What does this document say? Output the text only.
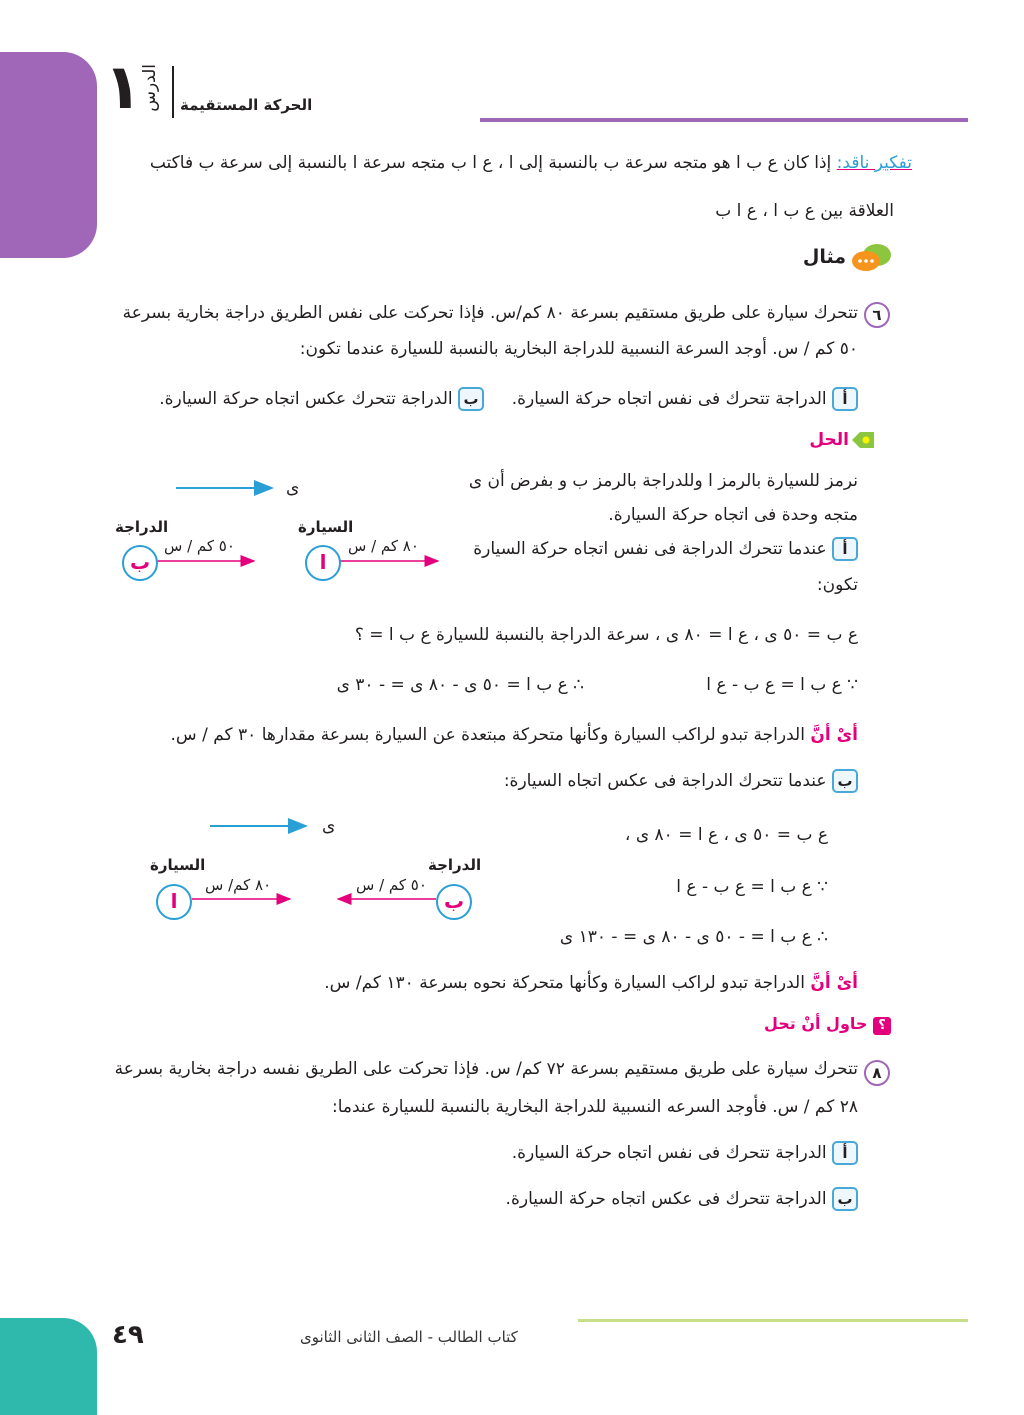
١
الدرس الحركة المستقيمة
تفكير ناقد: إذا كان ع ب ا هو متجه سرعة ب بالنسبة إلى ا ، ع ا ب متجه سرعة ا بالنسبة إلى سرعة ب فاكتب
العلاقة بين ع ب ا ، ع ا ب
مثال
٦
تتحرك سيارة على طريق مستقيم بسرعة ٨٠ كم/س. فإذا تحركت على نفس الطريق دراجة بخارية بسرعة
٥٠ كم / س. أوجد السرعة النسبية للدراجة البخارية بالنسبة للسيارة عندما تكون:
أ الدراجة تتحرك فى نفس اتجاه حركة السيارة.
ب الدراجة تتحرك عكس اتجاه حركة السيارة.
الحل
نرمز للسيارة بالرمز ا وللدراجة بالرمز ب و بفرض أن ى
متجه وحدة فى اتجاه حركة السيارة.
أ عندما تتحرك الدراجة فى نفس اتجاه حركة السيارة
تكون:
ى
ب	ا
الدراجة	السيارة
٥٠ كم / س	٨٠ كم / س
ع ب = ٥٠ ى ، ع ا = ٨٠ ى ، سرعة الدراجة بالنسبة للسيارة ع ب ا = ؟
∵ ع ب ا = ع ب - ع ا
∴ ع ب ا = ٥٠ ى - ٨٠ ى = - ٣٠ ى
أىْ أنَّ الدراجة تبدو لراكب السيارة وكأنها متحركة مبتعدة عن السيارة بسرعة مقدارها ٣٠ كم / س.
ب عندما تتحرك الدراجة فى عكس اتجاه السيارة:
ى
ا	ب
السيارة	الدراجة
٨٠ كم/ س	٥٠ كم / س
ع ب = ٥٠ ى ، ع ا = ٨٠ ى ،
∵ ع ب ا = ع ب - ع ا
∴ ع ب ا = - ٥٠ ى - ٨٠ ى = - ١٣٠ ى
أىْ أنَّ الدراجة تبدو لراكب السيارة وكأنها متحركة نحوه بسرعة ١٣٠ كم/ س.
؟ حاول أنْ تحل
٨
تتحرك سيارة على طريق مستقيم بسرعة ٧٢ كم/ س. فإذا تحركت على الطريق نفسه دراجة بخارية بسرعة
٢٨ كم / س. فأوجد السرعه النسبية للدراجة البخارية بالنسبة للسيارة عندما:
أ الدراجة تتحرك فى نفس اتجاه حركة السيارة.
ب الدراجة تتحرك فى عكس اتجاه حركة السيارة.
٤٩	كتاب الطالب - الصف الثانى الثانوى
